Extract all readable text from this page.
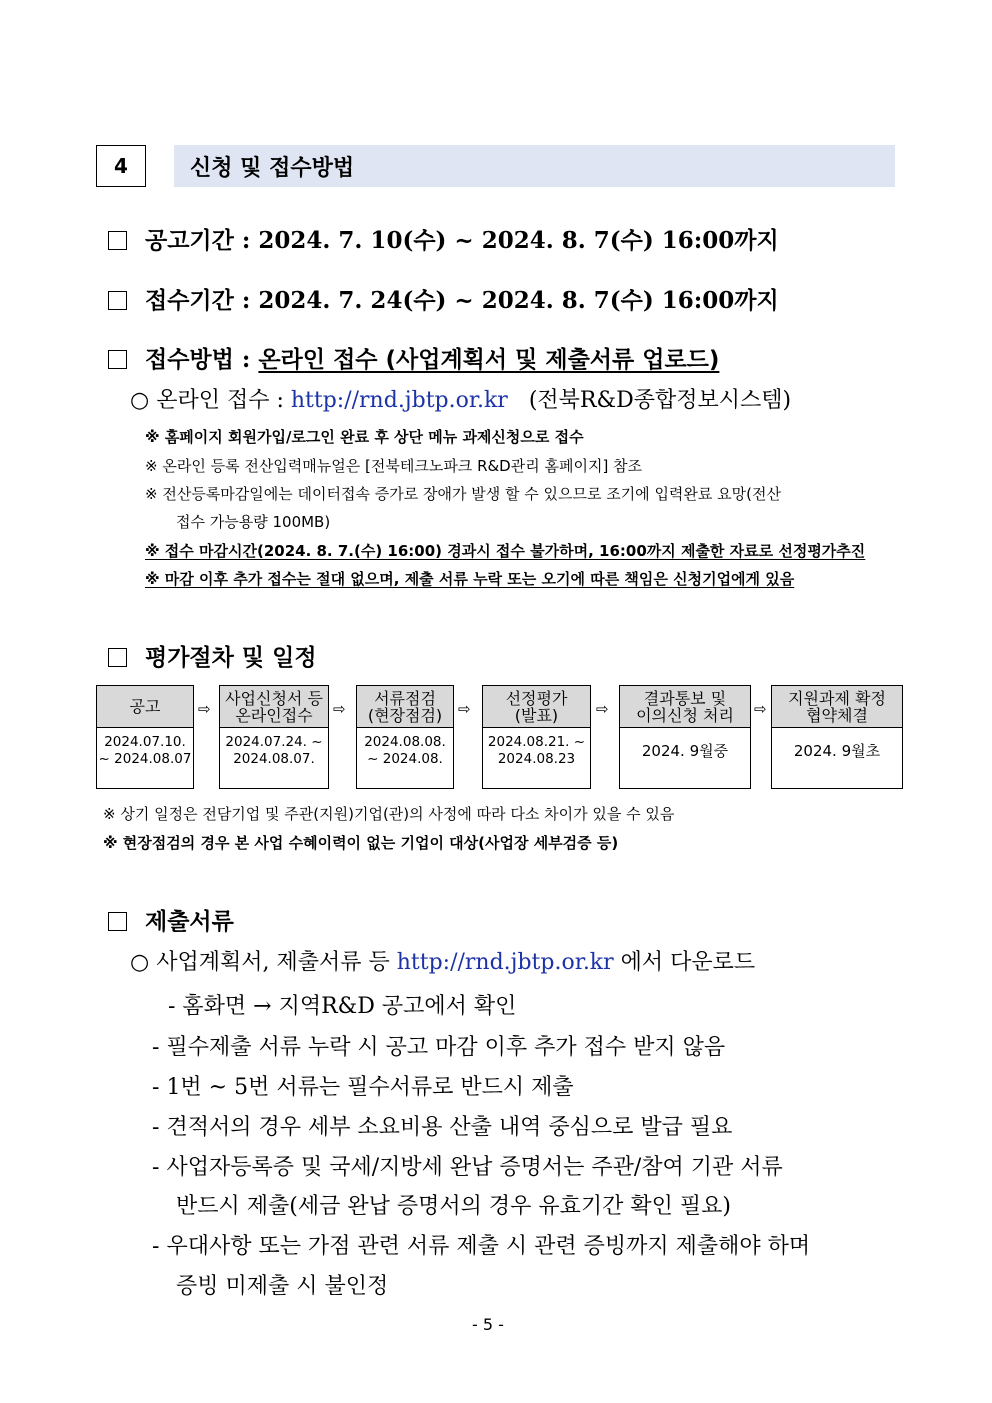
4	신청 및 접수방법
공고기간 : 2024. 7. 10(수) ~ 2024. 8. 7(수) 16:00까지
접수기간 : 2024. 7. 24(수) ~ 2024. 8. 7(수) 16:00까지
접수방법 : 온라인 접수 (사업계획서 및 제출서류 업로드)
○ 온라인 접수 : http://rnd.jbtp.or.kr (전북R&D종합정보시스템)
※ 홈페이지 회원가입/로그인 완료 후 상단 메뉴 과제신청으로 접수
※ 온라인 등록 전산입력매뉴얼은 [전북테크노파크 R&D관리 홈페이지] 참조
※ 전산등록마감일에는 데이터접속 증가로 장애가 발생 할 수 있으므로 조기에 입력완료 요망(전산
접수 가능용량 100MB)
※ 접수 마감시간(2024. 8. 7.(수) 16:00) 경과시 접수 불가하며, 16:00까지 제출한 자료로 선정평가추진
※ 마감 이후 추가 접수는 절대 없으며, 제출 서류 누락 또는 오기에 따른 책임은 신청기업에게 있음
평가절차 및 일정
공고
2024.07.10.
~ 2024.08.07
⇨
사업신청서 등
온라인접수
2024.07.24. ~
2024.08.07.
⇨
서류점검
(현장점검)
2024.08.08.
~ 2024.08.
⇨
선정평가
(발표)
2024.08.21. ~
2024.08.23
⇨
결과통보 및
이의신청 처리
2024. 9월중
⇨
지원과제 확정
협약체결
2024. 9월초
※ 상기 일정은 전담기업 및 주관(지원)기업(관)의 사정에 따라 다소 차이가 있을 수 있음
※ 현장점검의 경우 본 사업 수혜이력이 없는 기업이 대상(사업장 세부검증 등)
제출서류
○ 사업계획서, 제출서류 등 http://rnd.jbtp.or.kr 에서 다운로드
- 홈화면 → 지역R&D 공고에서 확인
- 필수제출 서류 누락 시 공고 마감 이후 추가 접수 받지 않음
- 1번 ~ 5번 서류는 필수서류로 반드시 제출
- 견적서의 경우 세부 소요비용 산출 내역 중심으로 발급 필요
- 사업자등록증 및 국세/지방세 완납 증명서는 주관/참여 기관 서류
반드시 제출(세금 완납 증명서의 경우 유효기간 확인 필요)
- 우대사항 또는 가점 관련 서류 제출 시 관련 증빙까지 제출해야 하며
증빙 미제출 시 불인정
- 5 -
